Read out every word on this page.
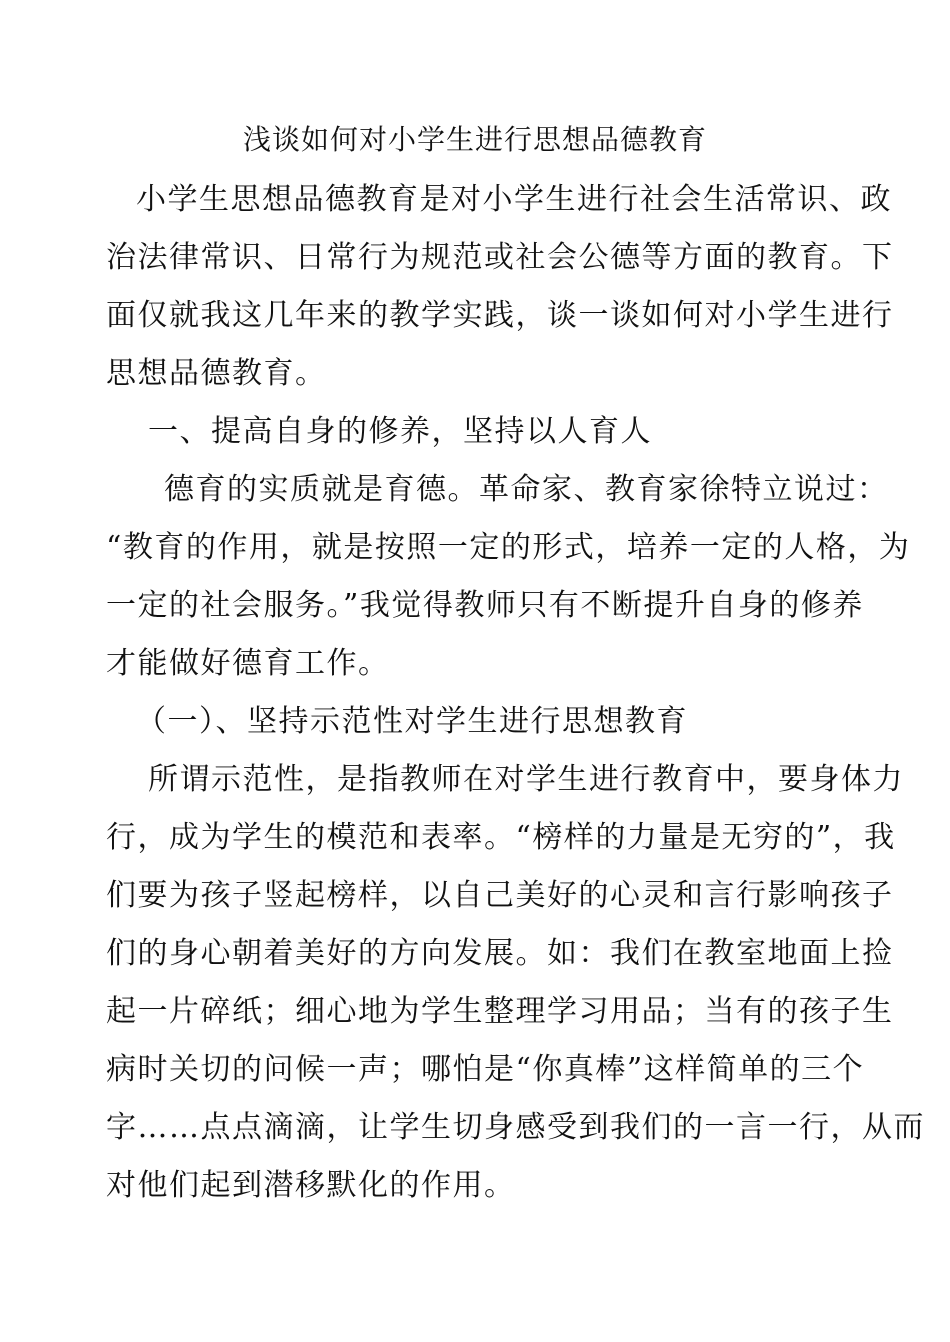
浅谈如何对小学生进行思想品德教育

小学生思想品德教育是对小学生进行社会生活常识、政

治法律常识、日常行为规范或社会公德等方面的教育。下

面仅就我这几年来的教学实践，谈一谈如何对小学生进行

思想品德教育。

一、提高自身的修养，坚持以人育人

德育的实质就是育德。革命家、教育家徐特立说过：

“教育的作用，就是按照一定的形式，培养一定的人格，为

一定的社会服务。”我觉得教师只有不断提升自身的修养

才能做好德育工作。

（一）、坚持示范性对学生进行思想教育

所谓示范性，是指教师在对学生进行教育中，要身体力

行，成为学生的模范和表率。“榜样的力量是无穷的”，我

们要为孩子竖起榜样，以自己美好的心灵和言行影响孩子

们的身心朝着美好的方向发展。如：我们在教室地面上捡

起一片碎纸；细心地为学生整理学习用品；当有的孩子生

病时关切的问候一声；哪怕是“你真棒”这样简单的三个

字……点点滴滴，让学生切身感受到我们的一言一行，从而

对他们起到潜移默化的作用。
